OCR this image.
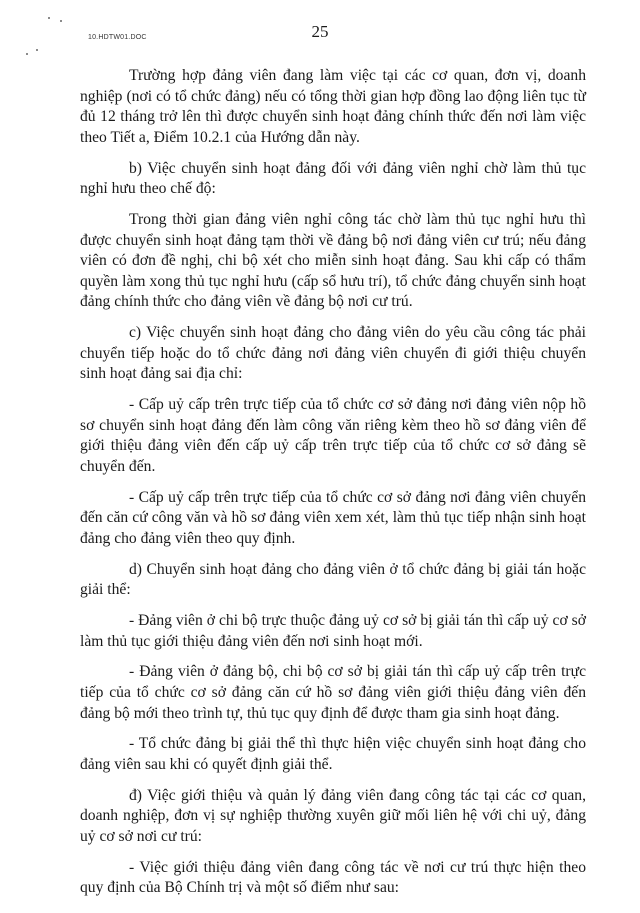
10.HDTW01.DOC	25

Trường hợp đảng viên đang làm việc tại các cơ quan, đơn vị, doanh nghiệp (nơi có tổ chức đảng) nếu có tổng thời gian hợp đồng lao động liên tục từ đủ 12 tháng trở lên thì được chuyển sinh hoạt đảng chính thức đến nơi làm việc theo Tiết a, Điểm 10.2.1 của Hướng dẫn này.

b) Việc chuyển sinh hoạt đảng đối với đảng viên nghỉ chờ làm thủ tục nghỉ hưu theo chế độ:

Trong thời gian đảng viên nghỉ công tác chờ làm thủ tục nghỉ hưu thì được chuyển sinh hoạt đảng tạm thời về đảng bộ nơi đảng viên cư trú; nếu đảng viên có đơn đề nghị, chi bộ xét cho miễn sinh hoạt đảng. Sau khi cấp có thẩm quyền làm xong thủ tục nghỉ hưu (cấp sổ hưu trí), tổ chức đảng chuyển sinh hoạt đảng chính thức cho đảng viên về đảng bộ nơi cư trú.

c) Việc chuyển sinh hoạt đảng cho đảng viên do yêu cầu công tác phải chuyển tiếp hoặc do tổ chức đảng nơi đảng viên chuyển đi giới thiệu chuyển sinh hoạt đảng sai địa chỉ:

- Cấp uỷ cấp trên trực tiếp của tổ chức cơ sở đảng nơi đảng viên nộp hồ sơ chuyển sinh hoạt đảng đến làm công văn riêng kèm theo hồ sơ đảng viên để giới thiệu đảng viên đến cấp uỷ cấp trên trực tiếp của tổ chức cơ sở đảng sẽ chuyển đến.

- Cấp uỷ cấp trên trực tiếp của tổ chức cơ sở đảng nơi đảng viên chuyển đến căn cứ công văn và hồ sơ đảng viên xem xét, làm thủ tục tiếp nhận sinh hoạt đảng cho đảng viên theo quy định.

d) Chuyển sinh hoạt đảng cho đảng viên ở tổ chức đảng bị giải tán hoặc giải thể:

- Đảng viên ở chi bộ trực thuộc đảng uỷ cơ sở bị giải tán thì cấp uỷ cơ sở làm thủ tục giới thiệu đảng viên đến nơi sinh hoạt mới.

- Đảng viên ở đảng bộ, chi bộ cơ sở bị giải tán thì cấp uỷ cấp trên trực tiếp của tổ chức cơ sở đảng căn cứ hồ sơ đảng viên giới thiệu đảng viên đến đảng bộ mới theo trình tự, thủ tục quy định để được tham gia sinh hoạt đảng.

- Tổ chức đảng bị giải thể thì thực hiện việc chuyển sinh hoạt đảng cho đảng viên sau khi có quyết định giải thể.

đ) Việc giới thiệu và quản lý đảng viên đang công tác tại các cơ quan, doanh nghiệp, đơn vị sự nghiệp thường xuyên giữ mối liên hệ với chi uỷ, đảng uỷ cơ sở nơi cư trú:

- Việc giới thiệu đảng viên đang công tác về nơi cư trú thực hiện theo quy định của Bộ Chính trị và một số điểm như sau:
